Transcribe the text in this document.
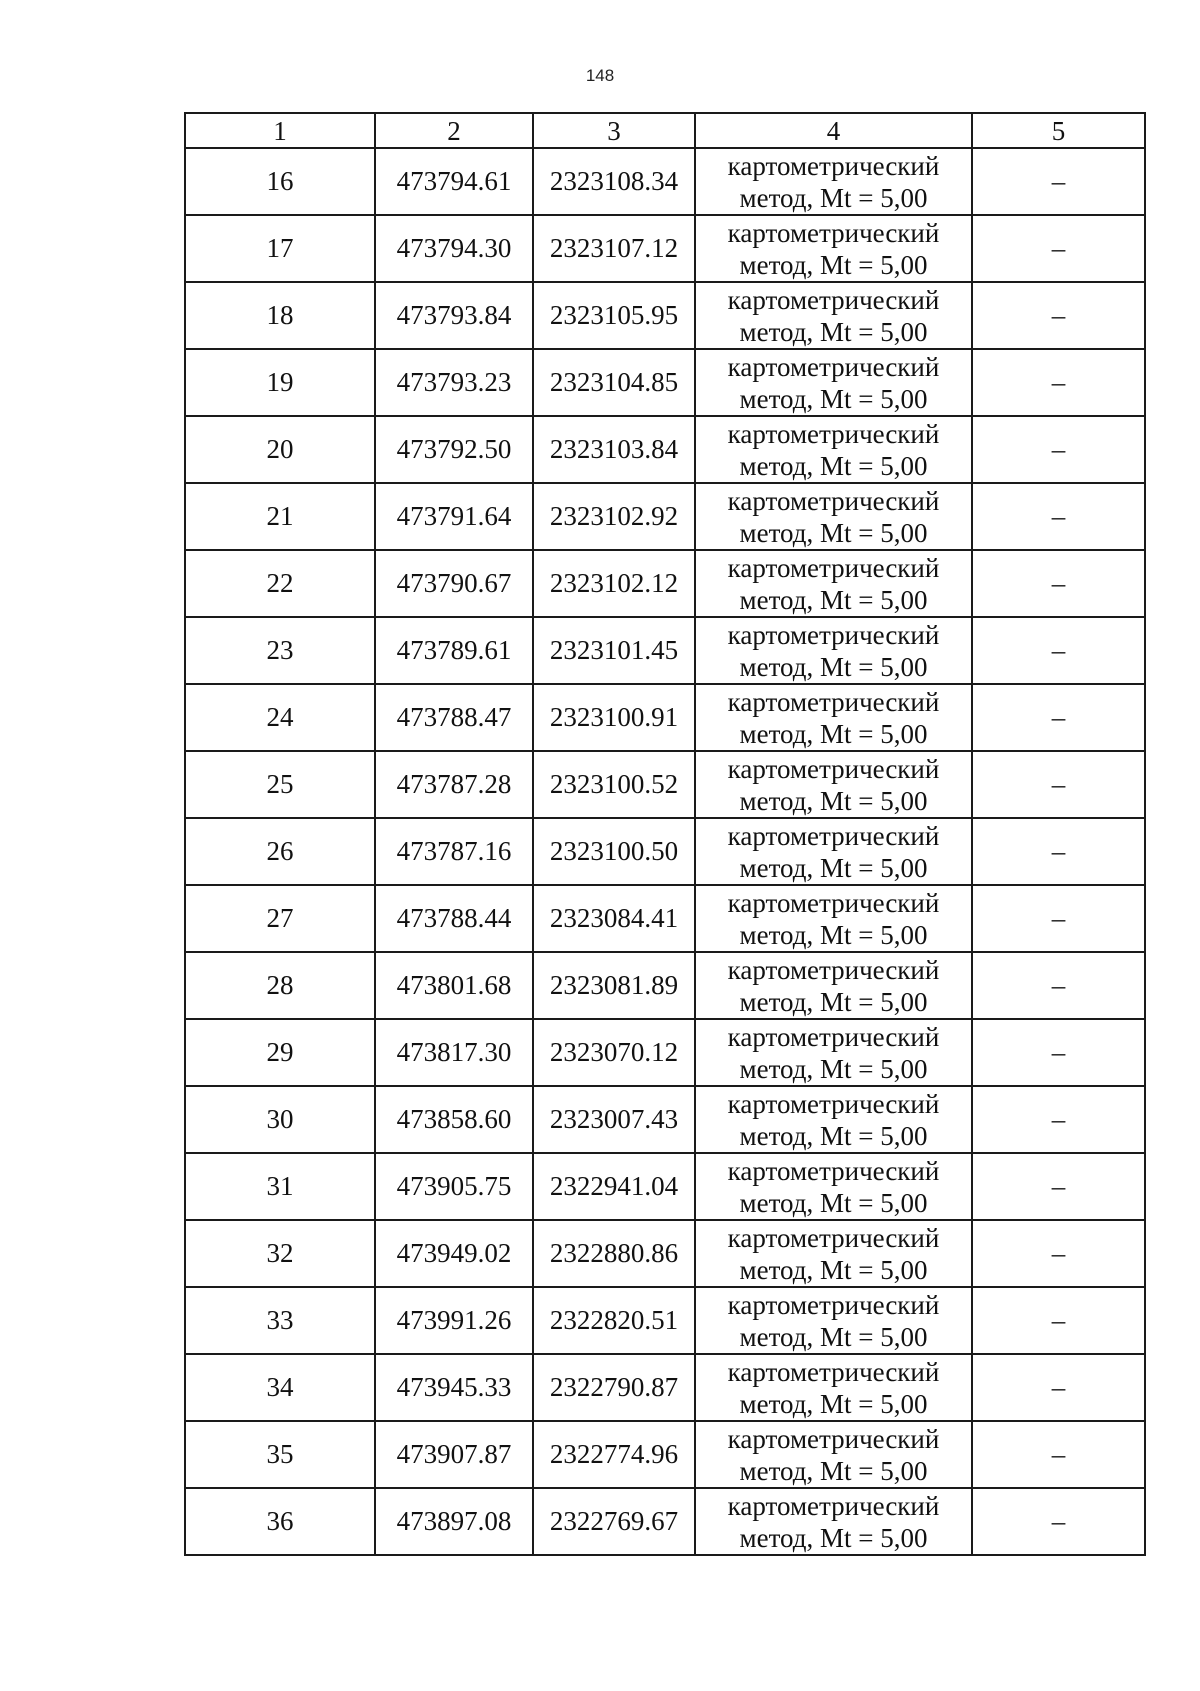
148
1	2	3	4	5
16	473794.61	2323108.34	картометрический
метод, Mt = 5,00	–
17	473794.30	2323107.12	картометрический
метод, Mt = 5,00	–
18	473793.84	2323105.95	картометрический
метод, Mt = 5,00	–
19	473793.23	2323104.85	картометрический
метод, Mt = 5,00	–
20	473792.50	2323103.84	картометрический
метод, Mt = 5,00	–
21	473791.64	2323102.92	картометрический
метод, Mt = 5,00	–
22	473790.67	2323102.12	картометрический
метод, Mt = 5,00	–
23	473789.61	2323101.45	картометрический
метод, Mt = 5,00	–
24	473788.47	2323100.91	картометрический
метод, Mt = 5,00	–
25	473787.28	2323100.52	картометрический
метод, Mt = 5,00	–
26	473787.16	2323100.50	картометрический
метод, Mt = 5,00	–
27	473788.44	2323084.41	картометрический
метод, Mt = 5,00	–
28	473801.68	2323081.89	картометрический
метод, Mt = 5,00	–
29	473817.30	2323070.12	картометрический
метод, Mt = 5,00	–
30	473858.60	2323007.43	картометрический
метод, Mt = 5,00	–
31	473905.75	2322941.04	картометрический
метод, Mt = 5,00	–
32	473949.02	2322880.86	картометрический
метод, Mt = 5,00	–
33	473991.26	2322820.51	картометрический
метод, Mt = 5,00	–
34	473945.33	2322790.87	картометрический
метод, Mt = 5,00	–
35	473907.87	2322774.96	картометрический
метод, Mt = 5,00	–
36	473897.08	2322769.67	картометрический
метод, Mt = 5,00	–
